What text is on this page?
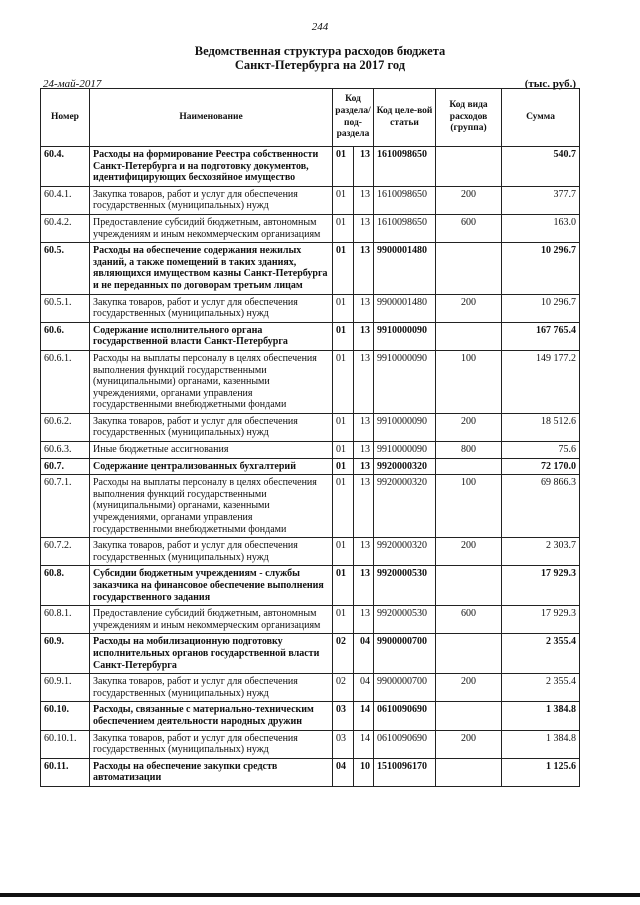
244
Ведомственная структура расходов бюджета
Санкт-Петербурга на 2017 год
24-май-2017	(тыс. руб.)
Номер	Наименование	Код раздела/ под-раздела		Код целе-вой статьи	Код вида расходов (группа)	Сумма
60.4.	Расходы на формирование Реестра собственности Санкт-Петербурга и на подготовку документов, идентифицирующих бесхозяйное имущество	01	13	1610098650		540.7
60.4.1.	Закупка товаров, работ и услуг для обеспечения государственных (муниципальных) нужд	01	13	1610098650	200	377.7
60.4.2.	Предоставление субсидий бюджетным, автономным учреждениям и иным некоммерческим организациям	01	13	1610098650	600	163.0
60.5.	Расходы на обеспечение содержания нежилых зданий, а также помещений в таких зданиях, являющихся имуществом казны Санкт-Петербурга и не переданных по договорам третьим лицам	01	13	9900001480		10 296.7
60.5.1.	Закупка товаров, работ и услуг для обеспечения государственных (муниципальных) нужд	01	13	9900001480	200	10 296.7
60.6.	Содержание исполнительного органа государственной власти Санкт-Петербурга	01	13	9910000090		167 765.4
60.6.1.	Расходы на выплаты персоналу в целях обеспечения выполнения функций государственными (муниципальными) органами, казенными учреждениями, органами управления государственными внебюджетными фондами	01	13	9910000090	100	149 177.2
60.6.2.	Закупка товаров, работ и услуг для обеспечения государственных (муниципальных) нужд	01	13	9910000090	200	18 512.6
60.6.3.	Иные бюджетные ассигнования	01	13	9910000090	800	75.6
60.7.	Содержание централизованных бухгалтерий	01	13	9920000320		72 170.0
60.7.1.	Расходы на выплаты персоналу в целях обеспечения выполнения функций государственными (муниципальными) органами, казенными учреждениями, органами управления государственными внебюджетными фондами	01	13	9920000320	100	69 866.3
60.7.2.	Закупка товаров, работ и услуг для обеспечения государственных (муниципальных) нужд	01	13	9920000320	200	2 303.7
60.8.	Субсидии бюджетным учреждениям - службы заказчика на финансовое обеспечение выполнения государственного задания	01	13	9920000530		17 929.3
60.8.1.	Предоставление субсидий бюджетным, автономным учреждениям и иным некоммерческим организациям	01	13	9920000530	600	17 929.3
60.9.	Расходы на мобилизационную подготовку исполнительных органов государственной власти Санкт-Петербурга	02	04	9900000700		2 355.4
60.9.1.	Закупка товаров, работ и услуг для обеспечения государственных (муниципальных) нужд	02	04	9900000700	200	2 355.4
60.10.	Расходы, связанные с материально-техническим обеспечением деятельности народных дружин	03	14	0610090690		1 384.8
60.10.1.	Закупка товаров, работ и услуг для обеспечения государственных (муниципальных) нужд	03	14	0610090690	200	1 384.8
60.11.	Расходы на обеспечение закупки средств автоматизации	04	10	1510096170		1 125.6
